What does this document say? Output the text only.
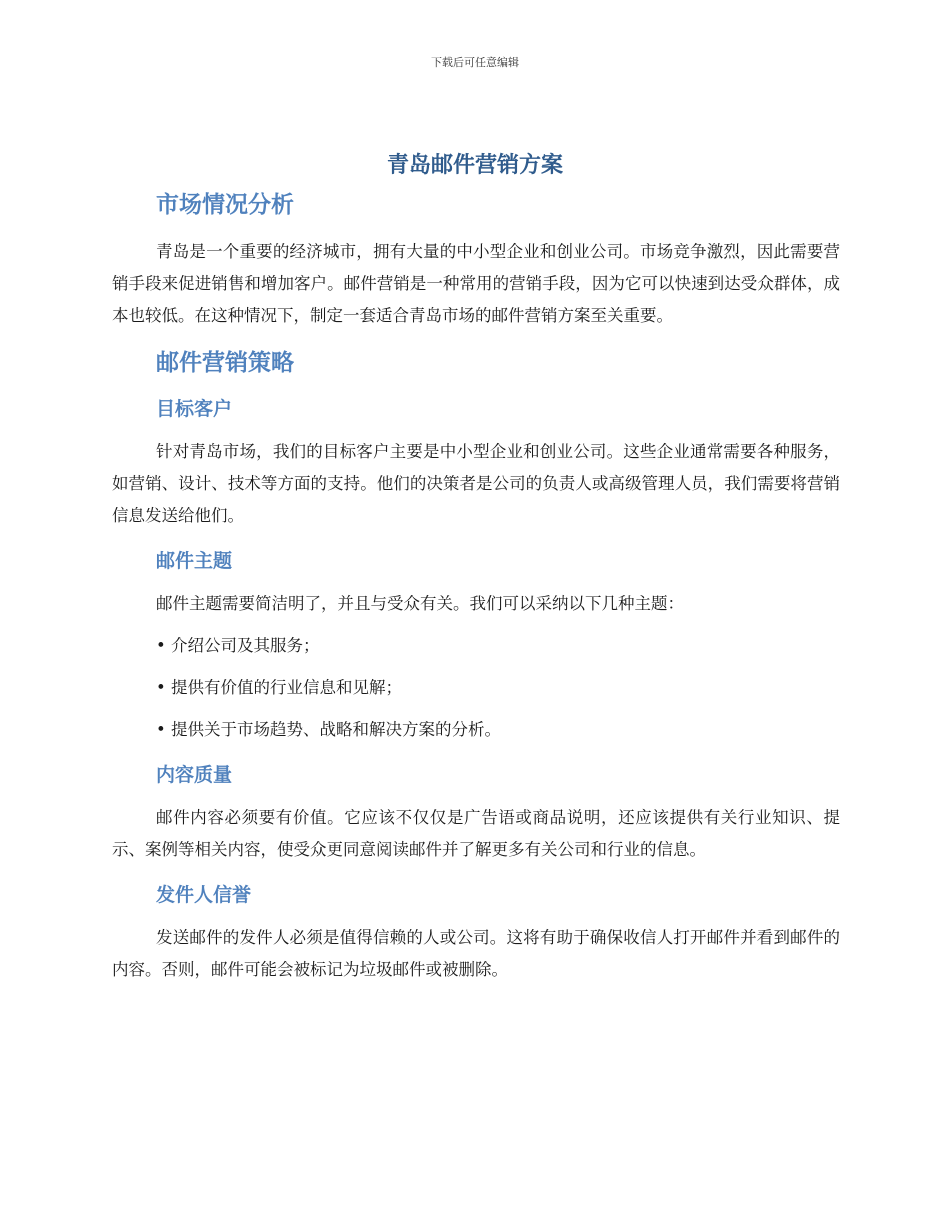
下载后可任意编辑
青岛邮件营销方案
市场情况分析

青岛是一个重要的经济城市，拥有大量的中小型企业和创业公司。市场竞争激烈，因此需要营销手段来促进销售和增加客户。邮件营销是一种常用的营销手段，因为它可以快速到达受众群体，成本也较低。在这种情况下，制定一套适合青岛市场的邮件营销方案至关重要。

邮件营销策略
目标客户

针对青岛市场，我们的目标客户主要是中小型企业和创业公司。这些企业通常需要各种服务，如营销、设计、技术等方面的支持。他们的决策者是公司的负责人或高级管理人员，我们需要将营销信息发送给他们。

邮件主题

邮件主题需要简洁明了，并且与受众有关。我们可以采纳以下几种主题：

• 介绍公司及其服务；

• 提供有价值的行业信息和见解；

• 提供关于市场趋势、战略和解决方案的分析。

内容质量

邮件内容必须要有价值。它应该不仅仅是广告语或商品说明，还应该提供有关行业知识、提示、案例等相关内容，使受众更同意阅读邮件并了解更多有关公司和行业的信息。

发件人信誉

发送邮件的发件人必须是值得信赖的人或公司。这将有助于确保收信人打开邮件并看到邮件的内容。否则，邮件可能会被标记为垃圾邮件或被删除。
